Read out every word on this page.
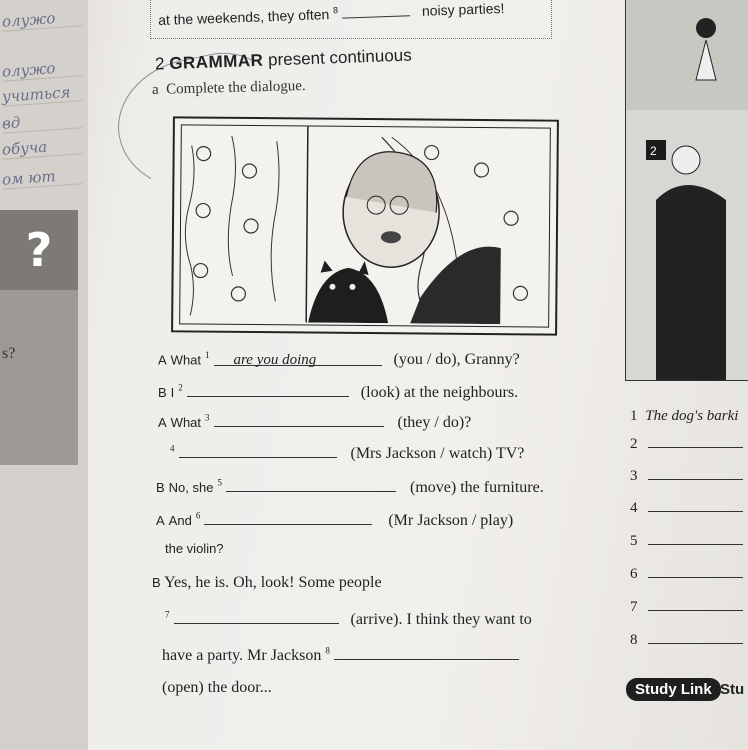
олужо
олужо
учиться
вд
обуча
ом ют
?
s?
at the weekends, they often $^8$	noisy parties!
2 GRAMMAR present continuous
a Complete the dialogue.
A What $^1$ are you doing	(you / do), Granny?
B I $^2$	(look) at the neighbours.
A What $^3$	(they / do)?
$^4$	(Mrs Jackson / watch) TV?
B No, she $^5$	(move) the furniture.
A And $^6$	(Mr Jackson / play)
the violin?
B Yes, he is. Oh, look! Some people
$^7$	(arrive). I think they want to
have a party. Mr Jackson $^8$
(open) the door...
2
1 The dog's barki
2
3
4
5
6
7
8
Study Link Stu
